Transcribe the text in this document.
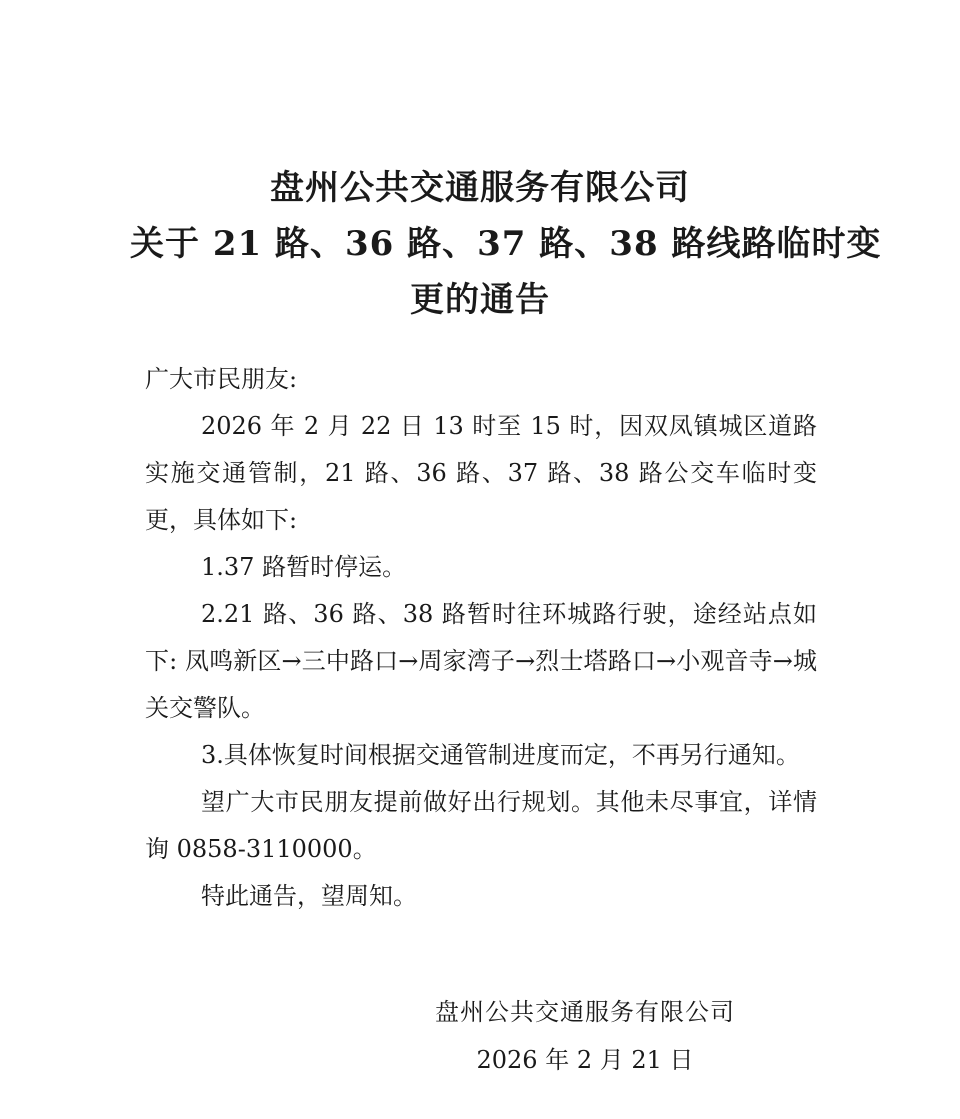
盘州公共交通服务有限公司
关于 21 路、36 路、37 路、38 路线路临时变
更的通告

广大市民朋友:

2026 年 2 月 22 日 13 时至 15 时，因双凤镇城区道路实施交通管制，21 路、36 路、37 路、38 路公交车临时变更，具体如下:

1.37 路暂时停运。

2.21 路、36 路、38 路暂时往环城路行驶，途经站点如下: 凤鸣新区→三中路口→周家湾子→烈士塔路口→小观音寺→城关交警队。

3.具体恢复时间根据交通管制进度而定，不再另行通知。

望广大市民朋友提前做好出行规划。其他未尽事宜，详情询 0858-3110000。

特此通告，望周知。

盘州公共交通服务有限公司
2026 年 2 月 21 日
